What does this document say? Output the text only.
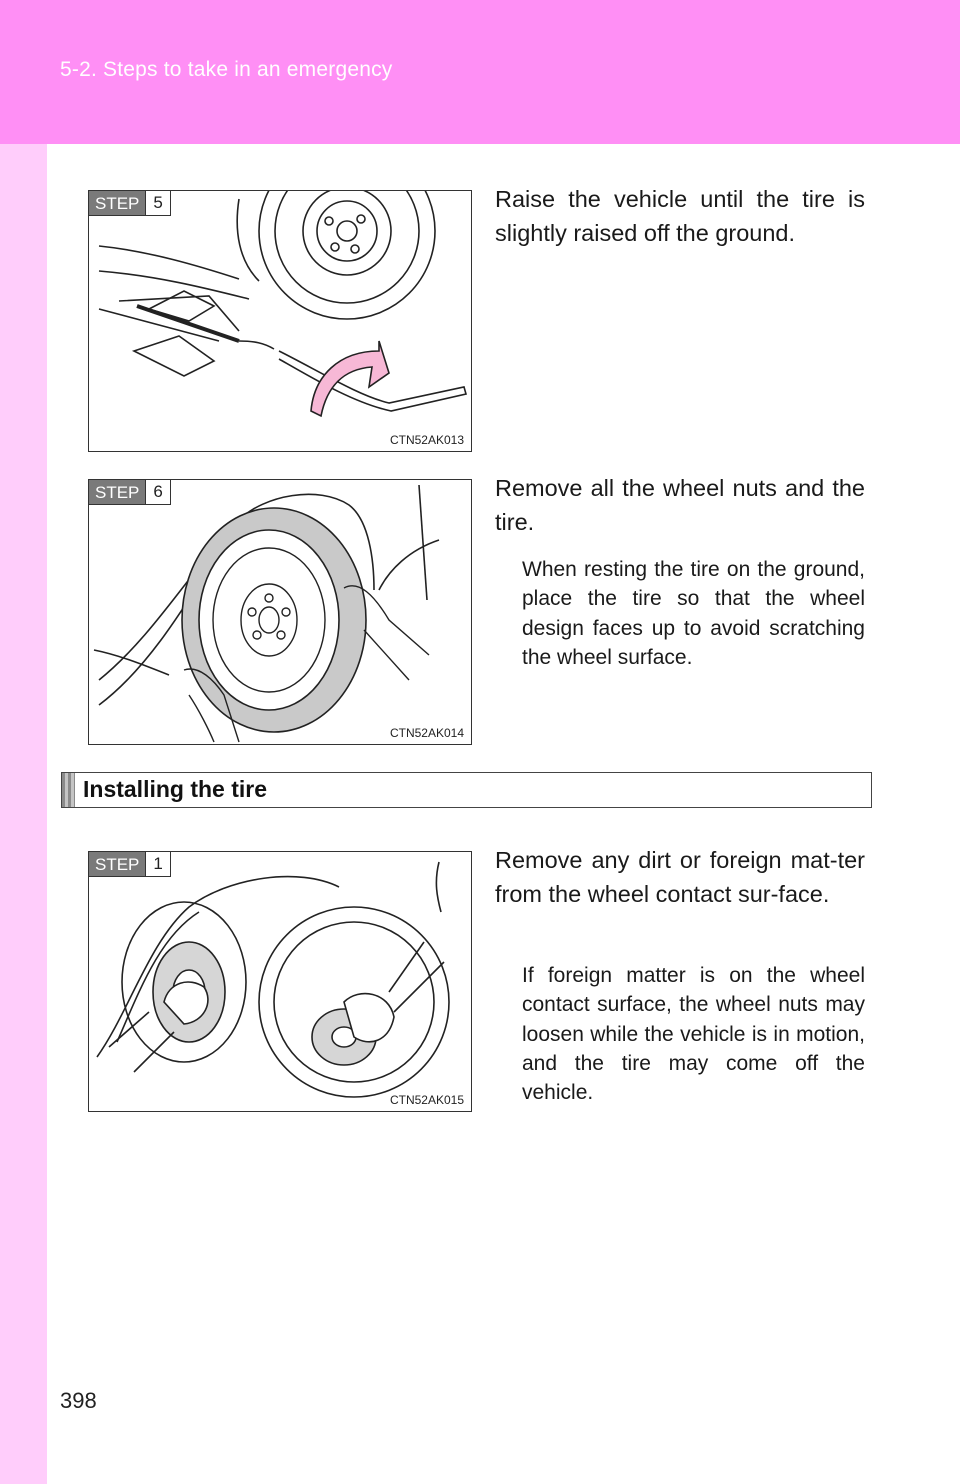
5-2. Steps to take in an emergency
STEP 5
CTN52AK013

Raise the vehicle until the tire is slightly raised off the ground.

STEP 6
CTN52AK014

Remove all the wheel nuts and the tire.

When resting the tire on the ground, place the tire so that the wheel design faces up to avoid scratching the wheel surface.

Installing the tire
STEP 1
CTN52AK015

Remove any dirt or foreign mat-ter from the wheel contact sur-face.

If foreign matter is on the wheel contact surface, the wheel nuts may loosen while the vehicle is in motion, and the tire may come off the vehicle.

398
